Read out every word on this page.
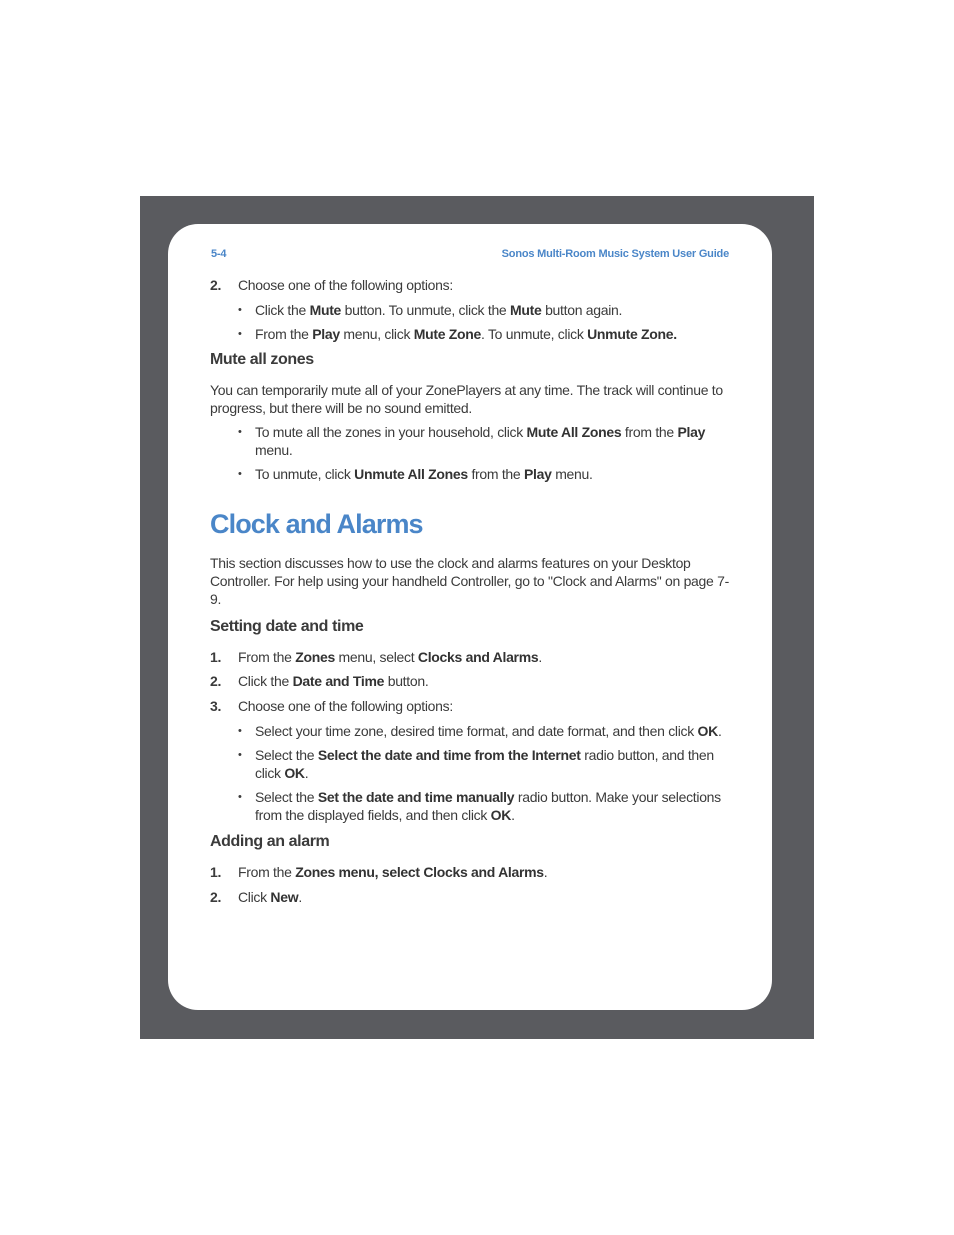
5-4	Sonos Multi-Room Music System User Guide
2. Choose one of the following options:
• Click the Mute button. To unmute, click the Mute button again.
• From the Play menu, click Mute Zone. To unmute, click Unmute Zone.
Mute all zones
You can temporarily mute all of your ZonePlayers at any time. The track will continue to progress, but there will be no sound emitted.
• To mute all the zones in your household, click Mute All Zones from the Play menu.
• To unmute, click Unmute All Zones from the Play menu.
Clock and Alarms
This section discusses how to use the clock and alarms features on your Desktop Controller. For help using your handheld Controller, go to "Clock and Alarms" on page 7-9.
Setting date and time
1. From the Zones menu, select Clocks and Alarms.
2. Click the Date and Time button.
3. Choose one of the following options:
• Select your time zone, desired time format, and date format, and then click OK.
• Select the Select the date and time from the Internet radio button, and then click OK.
• Select the Set the date and time manually radio button. Make your selections from the displayed fields, and then click OK.
Adding an alarm
1. From the Zones menu, select Clocks and Alarms.
2. Click New.
